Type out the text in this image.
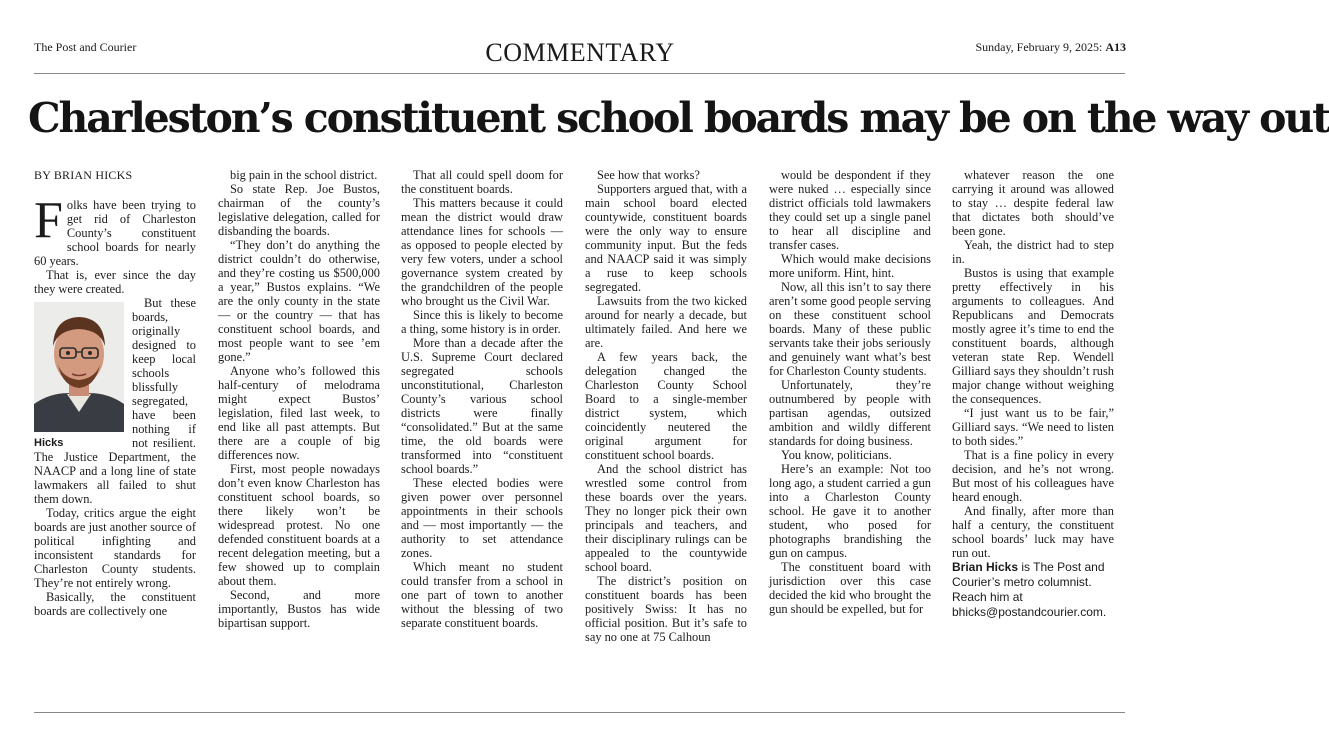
The Post and Courier	COMMENTARY	Sunday, February 9, 2025: A13
Charleston’s constituent school boards may be on the way out
BY BRIAN HICKS

Folks have been trying to get rid of Charleston County’s constituent school boards for nearly 60 years.

That is, ever since the day they were created.

Hicks

But these boards, originally designed to keep local schools blissfully segregated, have been nothing if not resilient. The Justice Department, the NAACP and a long line of state lawmakers all failed to shut them down.

Today, critics argue the eight boards are just another source of political infighting and inconsistent standards for Charleston County students. They’re not entirely wrong.

Basically, the constituent boards are collectively one

big pain in the school district.

So state Rep. Joe Bustos, chairman of the county’s legislative delegation, called for disbanding the boards.

“They don’t do anything the district couldn’t do otherwise, and they’re costing us $500,000 a year,” Bustos explains. “We are the only county in the state — or the country — that has constituent school boards, and most people want to see ’em gone.”

Anyone who’s followed this half-century of melodrama might expect Bustos’ legislation, filed last week, to end like all past attempts. But there are a couple of big differences now.

First, most people nowadays don’t even know Charleston has constituent school boards, so there likely won’t be widespread protest. No one defended constituent boards at a recent delegation meeting, but a few showed up to complain about them.

Second, and more importantly, Bustos has wide bipartisan support.

That all could spell doom for the constituent boards.

This matters because it could mean the district would draw attendance lines for schools — as opposed to people elected by very few voters, under a school governance system created by the grandchildren of the people who brought us the Civil War.

Since this is likely to become a thing, some history is in order.

More than a decade after the U.S. Supreme Court declared segregated schools unconstitutional, Charleston County’s various school districts were finally “consolidated.” But at the same time, the old boards were transformed into “constituent school boards.”

These elected bodies were given power over personnel appointments in their schools and — most importantly — the authority to set attendance zones.

Which meant no student could transfer from a school in one part of town to another without the blessing of two separate constituent boards.

See how that works?

Supporters argued that, with a main school board elected countywide, constituent boards were the only way to ensure community input. But the feds and NAACP said it was simply a ruse to keep schools segregated.

Lawsuits from the two kicked around for nearly a decade, but ultimately failed. And here we are.

A few years back, the delegation changed the Charleston County School Board to a single-member district system, which coincidently neutered the original argument for constituent school boards.

And the school district has wrestled some control from these boards over the years. They no longer pick their own principals and teachers, and their disciplinary rulings can be appealed to the countywide school board.

The district’s position on constituent boards has been positively Swiss: It has no official position. But it’s safe to say no one at 75 Calhoun

would be despondent if they were nuked … especially since district officials told lawmakers they could set up a single panel to hear all discipline and transfer cases.

Which would make decisions more uniform. Hint, hint.

Now, all this isn’t to say there aren’t some good people serving on these constituent school boards. Many of these public servants take their jobs seriously and genuinely want what’s best for Charleston County students.

Unfortunately, they’re outnumbered by people with partisan agendas, outsized ambition and wildly different standards for doing business.

You know, politicians.

Here’s an example: Not too long ago, a student carried a gun into a Charleston County school. He gave it to another student, who posed for photographs brandishing the gun on campus.

The constituent board with jurisdiction over this case decided the kid who brought the gun should be expelled, but for

whatever reason the one carrying it around was allowed to stay … despite federal law that dictates both should’ve been gone.

Yeah, the district had to step in.

Bustos is using that example pretty effectively in his arguments to colleagues. And Republicans and Democrats mostly agree it’s time to end the constituent boards, although veteran state Rep. Wendell Gilliard says they shouldn’t rush major change without weighing the consequences.

“I just want us to be fair,” Gilliard says. “We need to listen to both sides.”

That is a fine policy in every decision, and he’s not wrong. But most of his colleagues have heard enough.

And finally, after more than half a century, the constituent school boards’ luck may have run out.

Brian Hicks is The Post and Courier’s metro columnist. Reach him at bhicks@postandcourier.com.
